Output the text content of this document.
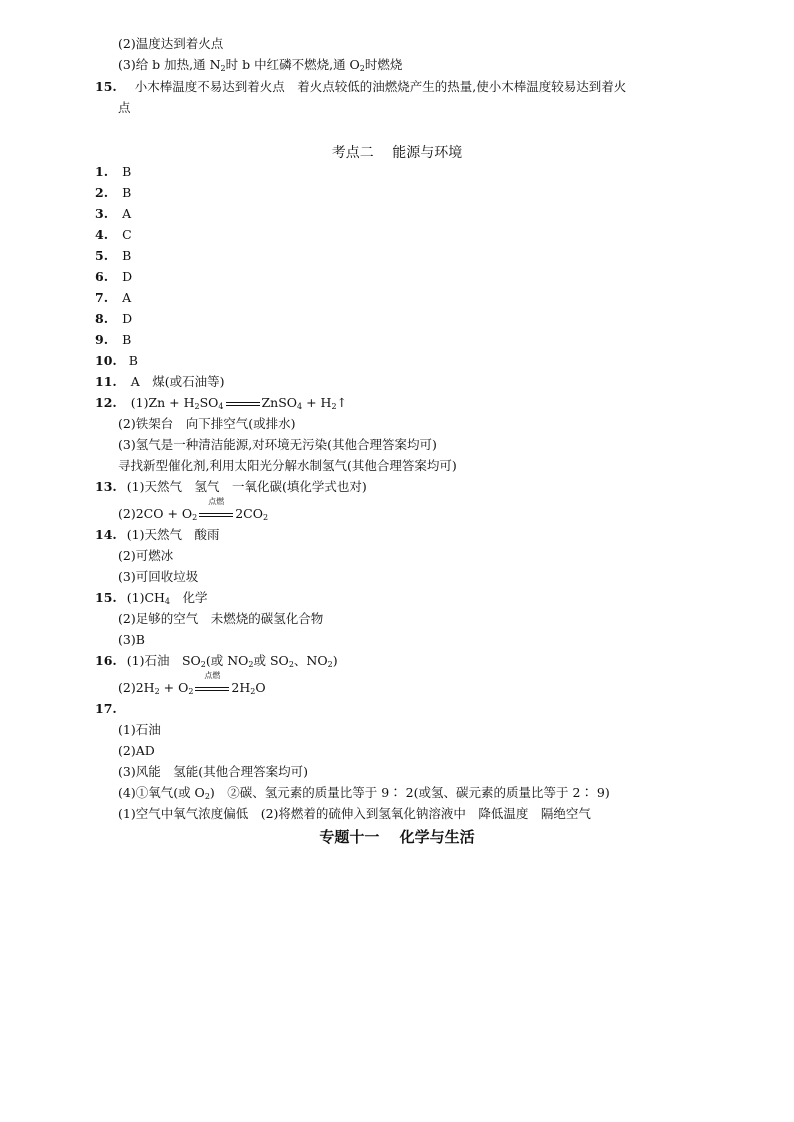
(2)温度达到着火点
(3)给 b 加热,通 $N_2$时 b 中红磷不燃烧,通 $O_2$时燃烧
15. 小木棒温度不易达到着火点　着火点较低的油燃烧产生的热量,使小木棒温度较易达到着火
点
考点二　 能源与环境
1. B
2. B
3. A
4. C
5. B
6. D
7. A
8. D
9. B
10. B
11. A　煤(或石油等)
12. $(1)Zn + H_2SO_4$	ZnSO$_4$ + $H_2↑$
(2)铁架台　向下排空气(或排水)
(3)氢气是一种清洁能源,对环境无污染(其他合理答案均可)
寻找新型催化剂,利用太阳光分解水制氢气(其他合理答案均可)
13. (1)天然气　氢气　一氧化碳(填化学式也对)
$(2)2CO + O_2$
点燃
$2CO_2$
14. (1)天然气　酸雨
(2)可燃冰
(3)可回收垃圾
15. $(1)CH_4$　化学
(2)足够的空气　未燃烧的碳氢化合物
(3)B
16. (1)石油　$SO_2$(或 $NO_2$或 $SO_2$、$NO_2$)
$(2)2H_2 + O_2$
点燃
$2H_2O$
17.
(1)石油
(2)AD
(3)风能　氢能(其他合理答案均可)
(4)①氧气(或 $O_2$)　②碳、氢元素的质量比等于 9∶ 2(或氢、碳元素的质量比等于 2∶ 9)
(1)空气中氧气浓度偏低　(2)将燃着的硫伸入到氢氧化钠溶液中　降低温度　隔绝空气
专题十一　 化学与生活
